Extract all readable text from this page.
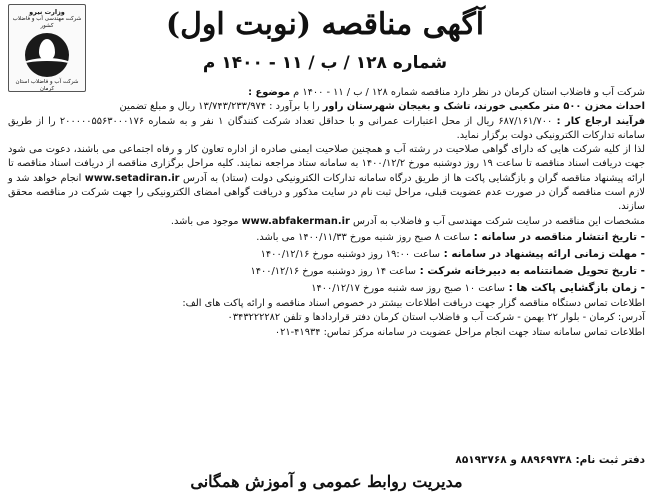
وزارت نیرو
شرکت مهندسی آب و فاضلاب کشور
شرکت آب و فاضلاب استان کرمان
آگهی مناقصه (نوبت اول)
شماره ۱۲۸ / ب / ۱۱ - ۱۴۰۰ م

شرکت آب و فاضلاب استان کرمان در نظر دارد مناقصه شماره ۱۲۸ / ب / ۱۱ - ۱۴۰۰ م موضوع :

احداث مخزن ۵۰۰ متر مکعبی خورند، تاشک و بغیجان شهرستان راور را با برآورد : ۱۳/۷۴۳/۲۳۳/۹۷۴ ریال و مبلغ تضمین

فرآیند ارجاع کار : ۶۸۷/۱۶۱/۷۰۰ ریال از محل اعتبارات عمرانی و با حداقل تعداد شرکت کنندگان ۱ نفر و به شماره ۲۰۰۰۰۰۵۵۶۳۰۰۰۱۷۶ را از طریق سامانه تدارکات الکترونیکی دولت برگزار نماید.

لذا از کلیه شرکت هایی که دارای گواهی صلاحیت در رشته آب و همچنین صلاحیت ایمنی صادره از اداره تعاون کار و رفاه اجتماعی می باشند، دعوت می شود جهت دریافت اسناد مناقصه تا ساعت ۱۹ روز دوشنبه مورخ ۱۴۰۰/۱۲/۲ به سامانه ستاد مراجعه نمایند. کلیه مراحل برگزاری مناقصه از دریافت اسناد مناقصه تا ارائه پیشنهاد مناقصه گران و بازگشایی پاکت ها از طریق درگاه سامانه تدارکات الکترونیکی دولت (ستاد) به آدرس www.setadiran.ir انجام خواهد شد و لازم است مناقصه گران در صورت عدم عضویت قبلی، مراحل ثبت نام در سایت مذکور و دریافت گواهی امضای الکترونیکی را جهت شرکت در مناقصه محقق سازند.

مشخصات این مناقصه در سایت شرکت مهندسی آب و فاضلاب به آدرس www.abfakerman.ir موجود می باشد.

- تاریخ انتشار مناقصه در سامانه : ساعت ۸ صبح روز شنبه مورخ ۱۴۰۰/۱۱/۳۳ می باشد.

- مهلت زمانی ارائه پیشنهاد در سامانه : ساعت ۱۹:۰۰ روز دوشنبه مورخ ۱۴۰۰/۱۲/۱۶

- تاریخ تحویل ضمانتنامه به دبیرخانه شرکت : ساعت ۱۴ روز دوشنبه مورخ ۱۴۰۰/۱۲/۱۶

- زمان بازگشایی پاکت ها : ساعت ۱۰ صبح روز سه شنبه مورخ ۱۴۰۰/۱۲/۱۷

اطلاعات تماس دستگاه مناقصه گزار جهت دریافت اطلاعات بیشتر در خصوص اسناد مناقصه و ارائه پاکت های الف:

آدرس: کرمان - بلوار ۲۲ بهمن - شرکت آب و فاضلاب استان کرمان دفتر قراردادها و تلفن ۰۳۴۳۲۲۲۲۸۲

اطلاعات تماس سامانه ستاد جهت انجام مراحل عضویت در سامانه مرکز تماس: ۴۱۹۳۴-۰۲۱

دفتر ثبت نام: ۸۸۹۶۹۷۳۸ و ۸۵۱۹۳۷۶۸
مدیریت روابط عمومی و آموزش همگانی
